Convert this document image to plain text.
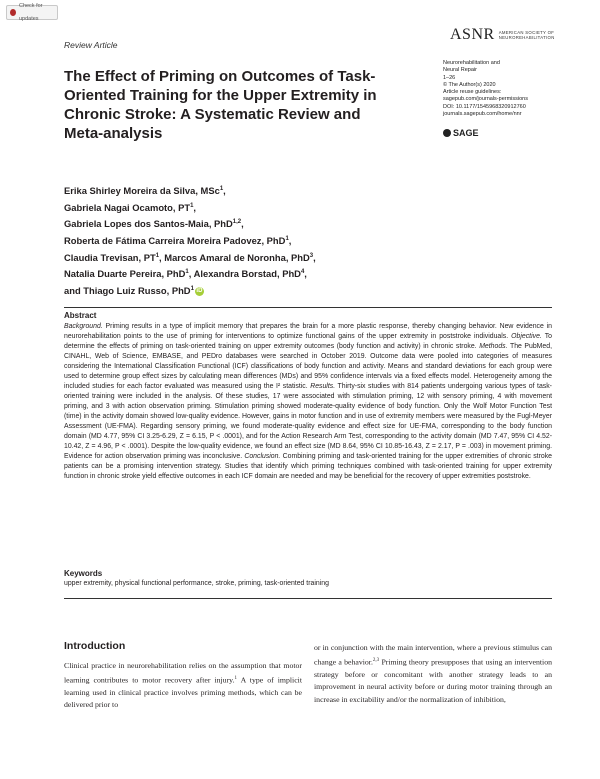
Check for updates
Review Article
ASNR AMERICAN SOCIETY OF
NEUROREHABILITATION
The Effect of Priming on Outcomes of Task-Oriented Training for the Upper Extremity in Chronic Stroke: A Systematic Review and Meta-analysis
Neurorehabilitation and
Neural Repair
1–26
© The Author(s) 2020
Article reuse guidelines:
sagepub.com/journals-permissions
DOI: 10.1177/1545968320912760
journals.sagepub.com/home/nnr
SAGE
Erika Shirley Moreira da Silva, MSc$^1$,
Gabriela Nagai Ocamoto, $PT^1$,
Gabriela Lopes dos Santos-Maia, PhD$^{1,2}$,
Roberta de Fátima Carreira Moreira Padovez, PhD$^1$,
Claudia Trevisan, $PT^1$, Marcos Amaral de Noronha, PhD$^3$,
Natalia Duarte Pereira, PhD$^1$, Alexandra Borstad, PhD$^4$,
and Thiago Luiz Russo, PhD$^1$ iD
Abstract
Background. Priming results in a type of implicit memory that prepares the brain for a more plastic response, thereby changing behavior. New evidence in neurorehabilitation points to the use of priming for interventions to optimize functional gains of the upper extremity in poststroke individuals. Objective. To determine the effects of priming on task-oriented training on upper extremity outcomes (body function and activity) in chronic stroke. Methods. The PubMed, CINAHL, Web of Science, EMBASE, and PEDro databases were searched in October 2019. Outcome data were pooled into categories of measures considering the International Classification Functional (ICF) classifications of body function and activity. Means and standard deviations for each group were used to determine group effect sizes by calculating mean differences (MDs) and 95% confidence intervals via a fixed effects model. Heterogeneity among the included studies for each factor evaluated was measured using the I² statistic. Results. Thirty-six studies with 814 patients undergoing various types of task-oriented training were included in the analysis. Of these studies, 17 were associated with stimulation priming, 12 with sensory priming, 4 with movement priming, and 3 with action observation priming. Stimulation priming showed moderate-quality evidence of body function. Only the Wolf Motor Function Test (time) in the activity domain showed low-quality evidence. However, gains in motor function and in use of extremity members were measured by the Fugl-Meyer Assessment (UE-FMA). Regarding sensory priming, we found moderate-quality evidence and effect size for UE-FMA, corresponding to the body function domain (MD 4.77, 95% CI 3.25-6.29, Z = 6.15, P < .0001), and for the Action Research Arm Test, corresponding to the activity domain (MD 7.47, 95% CI 4.52-10.42, Z = 4.96, P < .0001). Despite the low-quality evidence, we found an effect size (MD 8.64, 95% CI 10.85-16.43, Z = 2.17, P = .003) in movement priming. Evidence for action observation priming was inconclusive. Conclusion. Combining priming and task-oriented training for the upper extremities of chronic stroke patients can be a promising intervention strategy. Studies that identify which priming techniques combined with task-oriented training for upper extremity function in chronic stroke yield effective outcomes in each ICF domain are needed and may be beneficial for the recovery of upper extremities poststroke.
Keywords
upper extremity, physical functional performance, stroke, priming, task-oriented training
Introduction
Clinical practice in neurorehabilitation relies on the assumption that motor learning contributes to motor recovery after injury.$^1$ A type of implicit learning used in clinical practice involves priming methods, which can be delivered prior to
or in conjunction with the main intervention, where a previous stimulus can change a behavior.$^{2,3}$ Priming theory presupposes that using an intervention strategy before or concomitant with another strategy leads to an improvement in neural activity before or during motor training through an increase in excitability and/or the normalization of inhibition,
